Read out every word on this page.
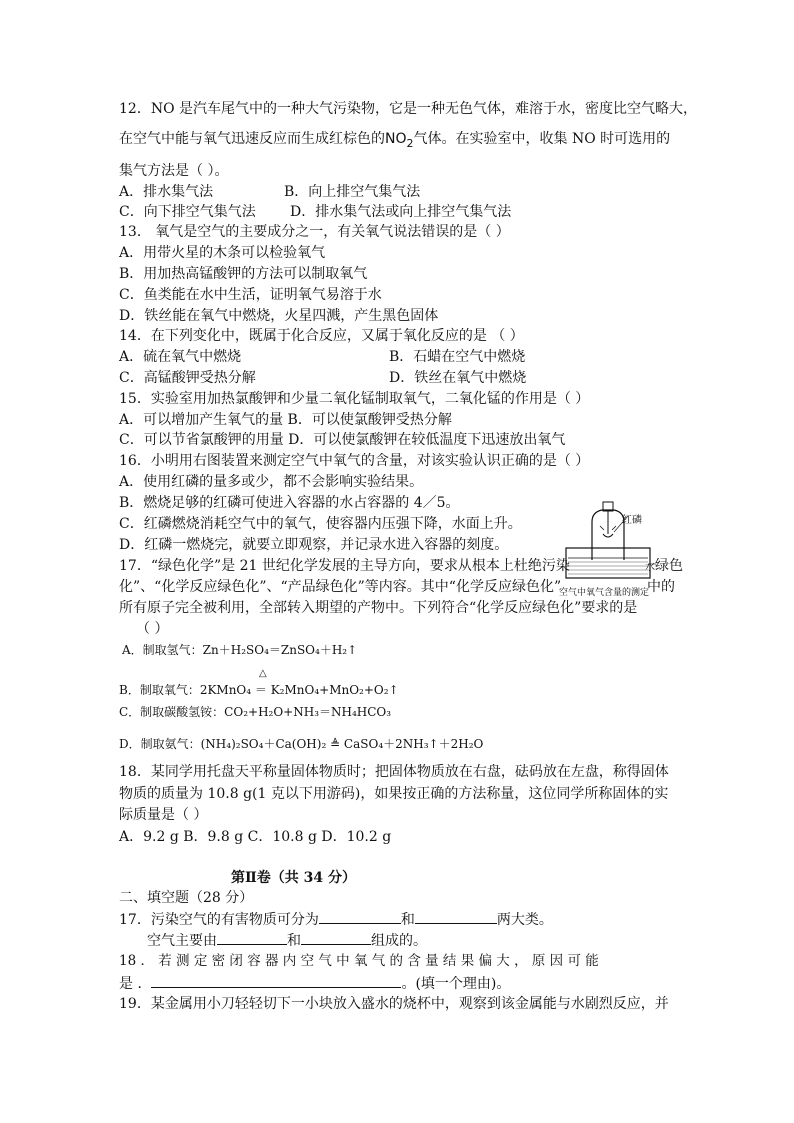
12．NO 是汽车尾气中的一种大气污染物，它是一种无色气体，难溶于水，密度比空气略大，
在空气中能与氧气迅速反应而生成红棕色的$NO_2$气体。在实验室中，收集 NO 时可选用的
集气方法是（ ）。
A．排水集气法	B．向上排空气集气法
C．向下排空气集气法 D．排水集气法或向上排空气集气法
13． 氧气是空气的主要成分之一，有关氧气说法错误的是（ ）
A．用带火星的木条可以检验氧气
B．用加热高锰酸钾的方法可以制取氧气
C．鱼类能在水中生活，证明氧气易溶于水
D．铁丝能在氧气中燃烧，火星四溅，产生黑色固体
14．在下列变化中，既属于化合反应，又属于氧化反应的是 （ ）
A．硫在氧气中燃烧	B．石蜡在空气中燃烧
C．高锰酸钾受热分解	D．铁丝在氧气中燃烧
15．实验室用加热氯酸钾和少量二氧化锰制取氧气，二氧化锰的作用是（ ）
A．可以增加产生氧气的量 B．可以使氯酸钾受热分解
C．可以节省氯酸钾的用量 D．可以使氯酸钾在较低温度下迅速放出氧气
16．小明用右图装置来测定空气中氧气的含量，对该实验认识正确的是（ ）
A．使用红磷的量多或少，都不会影响实验结果。
B．燃烧足够的红磷可使进入容器的水占容器的 4／5。
C．红磷燃烧消耗空气中的氧气，使容器内压强下降，水面上升。
D．红磷一燃烧完，就要立即观察，并记录水进入容器的刻度。
红磷
空气中氧气含量的测定
17．“绿色化学”是 21 世纪化学发展的主导方向，要求从根本上杜绝污染	水绿色
化”、“化学反应绿色化”、“产品绿色化”等内容。其中“化学反应绿色化”	中的
所有原子完全被利用，全部转入期望的产物中。下列符合“化学反应绿色化”要求的是
（ ）
A．制取氢气：Zn＋H₂SO₄＝ZnSO₄＋H₂↑
△
B．制取氧气：2KMnO₄ ＝ K₂MnO₄+MnO₂+O₂↑
C．制取碳酸氢铵：CO₂+H₂O+NH₃＝NH₄HCO₃
D．制取氨气：(NH₄)₂SO₄＋Ca(OH)₂ ≜ CaSO₄＋2NH₃↑＋2H₂O
18．某同学用托盘天平称量固体物质时；把固体物质放在右盘，砝码放在左盘，称得固体
物质的质量为 10.8 g(1 克以下用游码)，如果按正确的方法称量，这位同学所称固体的实
际质量是（ ）
A．9.2 g B．9.8 g C．10.8 g D．10.2 g
第Ⅱ卷（共 34 分）
二、填空题（28 分）
17．污染空气的有害物质可分为	和	两大类。
空气主要由	和	组成的。
18 ． 若 测 定 密 闭 容 器 内 空 气 中 氧 气 的 含 量 结 果 偏 大 ， 原 因 可 能
是 ．	。(填一个理由)。
19．某金属用小刀轻轻切下一小块放入盛水的烧杯中，观察到该金属能与水剧烈反应，并
